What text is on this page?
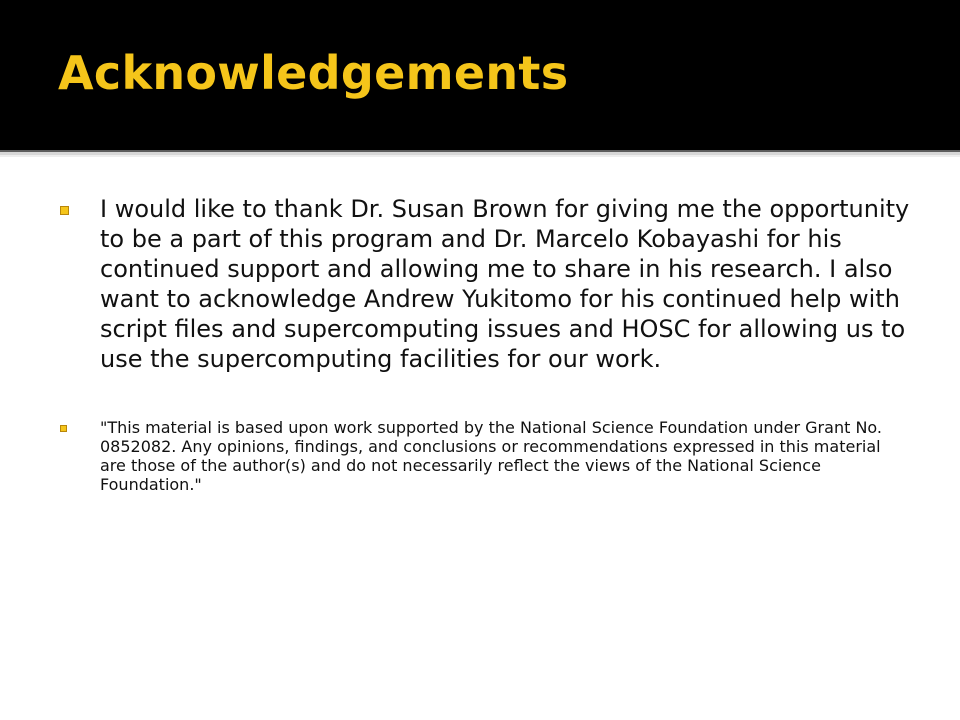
Acknowledgements
I would like to thank Dr. Susan Brown for giving me the opportunity to be a part of this program and Dr. Marcelo Kobayashi for his continued support and allowing me to share in his research. I also want to acknowledge Andrew Yukitomo for his continued help with script files and supercomputing issues and HOSC for allowing us to use the supercomputing facilities for our work.
"This material is based upon work supported by the National Science Foundation under Grant No. 0852082. Any opinions, findings, and conclusions or recommendations expressed in this material are those of the author(s) and do not necessarily reflect the views of the National Science Foundation."
